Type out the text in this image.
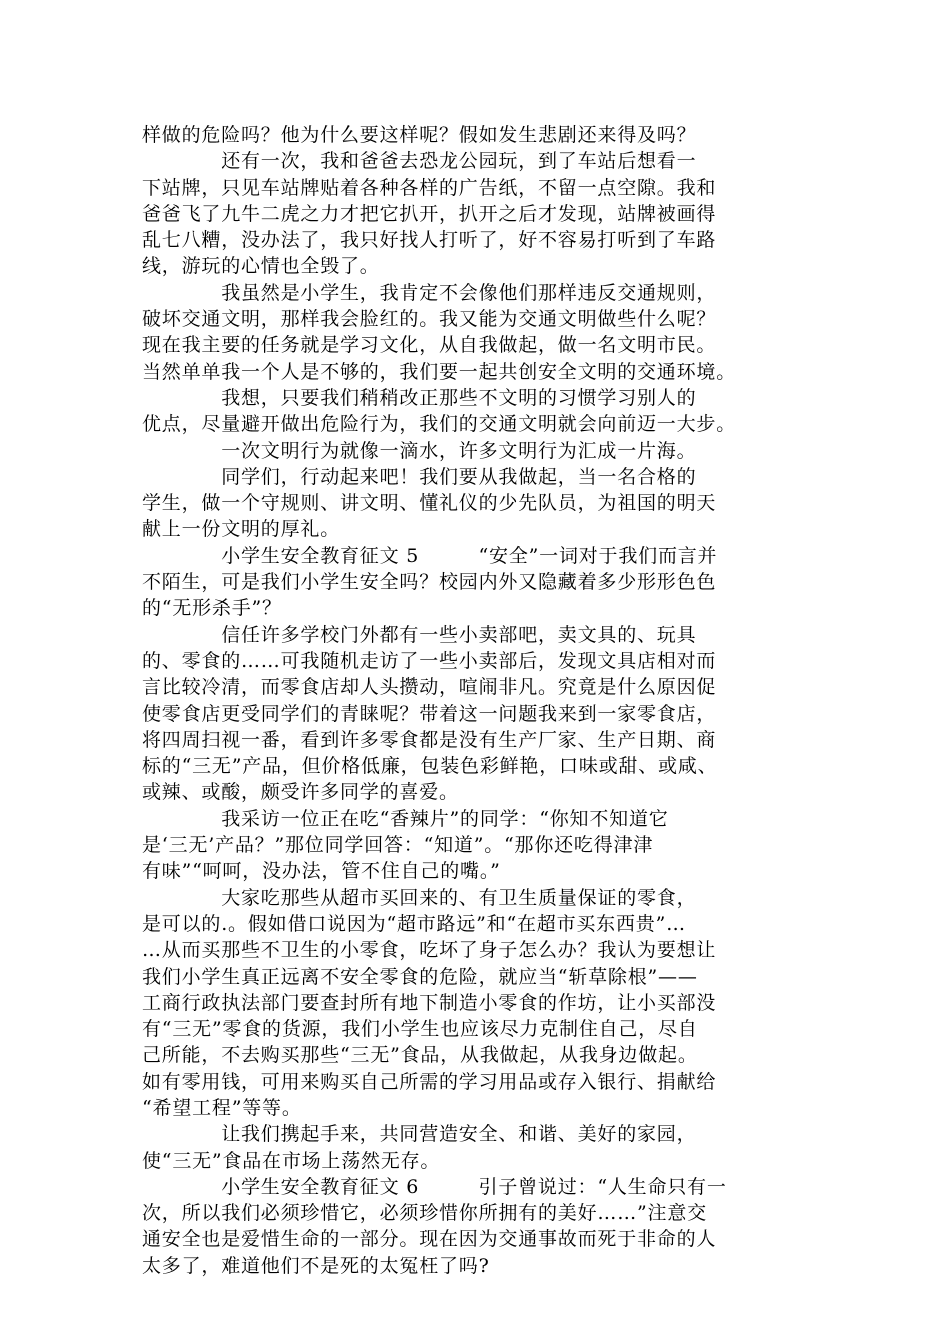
样做的危险吗？他为什么要这样呢？假如发生悲剧还来得及吗？
　　　　还有一次，我和爸爸去恐龙公园玩，到了车站后想看一
下站牌，只见车站牌贴着各种各样的广告纸，不留一点空隙。我和
爸爸飞了九牛二虎之力才把它扒开，扒开之后才发现，站牌被画得
乱七八糟，没办法了，我只好找人打听了，好不容易打听到了车路
线，游玩的心情也全毁了。
　　　　我虽然是小学生，我肯定不会像他们那样违反交通规则，
破坏交通文明，那样我会脸红的。我又能为交通文明做些什么呢？
现在我主要的任务就是学习文化，从自我做起，做一名文明市民。
当然单单我一个人是不够的，我们要一起共创安全文明的交通环境。
　　　　我想，只要我们稍稍改正那些不文明的习惯学习别人的
优点，尽量避开做出危险行为，我们的交通文明就会向前迈一大步。
　　　　一次文明行为就像一滴水，许多文明行为汇成一片海。
　　　　同学们，行动起来吧！我们要从我做起，当一名合格的
学生，做一个守规则、讲文明、懂礼仪的少先队员，为祖国的明天
献上一份文明的厚礼。
　　　　小学生安全教育征文 5　　　“安全”一词对于我们而言并
不陌生，可是我们小学生安全吗？校园内外又隐藏着多少形形色色
的“无形杀手”？
　　　　信任许多学校门外都有一些小卖部吧，卖文具的、玩具
的、零食的……可我随机走访了一些小卖部后，发现文具店相对而
言比较冷清，而零食店却人头攒动，喧闹非凡。究竟是什么原因促
使零食店更受同学们的青睐呢？带着这一问题我来到一家零食店，
将四周扫视一番，看到许多零食都是没有生产厂家、生产日期、商
标的“三无”产品，但价格低廉，包装色彩鲜艳，口味或甜、或咸、
或辣、或酸，颇受许多同学的喜爱。
　　　　我采访一位正在吃“香辣片”的同学：“你知不知道它
是‘三无’产品？”那位同学回答：“知道”。“那你还吃得津津
有味”“呵呵，没办法，管不住自己的嘴。”
　　　　大家吃那些从超市买回来的、有卫生质量保证的零食，
是可以的.。假如借口说因为“超市路远”和“在超市买东西贵”…
…从而买那些不卫生的小零食，吃坏了身子怎么办？我认为要想让
我们小学生真正远离不安全零食的危险，就应当“斩草除根”——
工商行政执法部门要查封所有地下制造小零食的作坊，让小买部没
有“三无”零食的货源，我们小学生也应该尽力克制住自己，尽自
己所能，不去购买那些“三无”食品，从我做起，从我身边做起。
如有零用钱，可用来购买自己所需的学习用品或存入银行、捐献给
“希望工程”等等。
　　　　让我们携起手来，共同营造安全、和谐、美好的家园，
使“三无”食品在市场上荡然无存。
　　　　小学生安全教育征文 6　　　引子曾说过：“人生命只有一
次，所以我们必须珍惜它，必须珍惜你所拥有的美好……”注意交
通安全也是爱惜生命的一部分。现在因为交通事故而死于非命的人
太多了，难道他们不是死的太冤枉了吗?
